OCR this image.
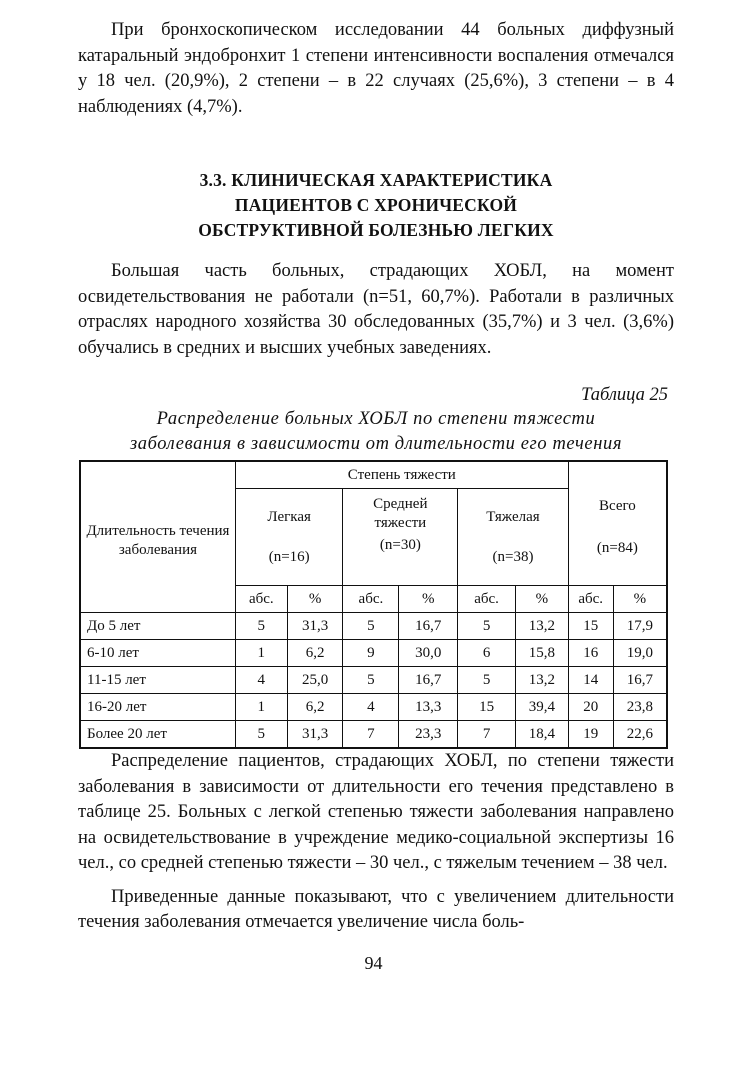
При бронхоскопическом исследовании 44 больных диффузный катаральный эндобронхит 1 степени интенсивности воспаления отмечался у 18 чел. (20,9%), 2 степени – в 22 случаях (25,6%), 3 степени – в 4 наблюдениях (4,7%).

3.3. КЛИНИЧЕСКАЯ ХАРАКТЕРИСТИКА
ПАЦИЕНТОВ С ХРОНИЧЕСКОЙ
ОБСТРУКТИВНОЙ БОЛЕЗНЬЮ ЛЕГКИХ

Большая часть больных, страдающих ХОБЛ, на момент освидетельствования не работали (n=51, 60,7%). Работали в различных отраслях народного хозяйства 30 обследованных (35,7%) и 3 чел. (3,6%) обучались в средних и высших учебных заведениях.

Таблица 25
Распределение больных ХОБЛ по степени тяжести
заболевания в зависимости от длительности его течения
Длительность течения заболевания	Степень тяжести						Всего
(n=84)	

	Легкая
(n=16)		Средней тяжести
(n=30)		Тяжелая
(n=38)			

	абс.	%	абс.	%	абс.	%	абс.	%
До 5 лет	5	31,3	5	16,7	5	13,2	15	17,9
6-10 лет	1	6,2	9	30,0	6	15,8	16	19,0
11-15 лет	4	25,0	5	16,7	5	13,2	14	16,7
16-20 лет	1	6,2	4	13,3	15	39,4	20	23,8
Более 20 лет	5	31,3	7	23,3	7	18,4	19	22,6

Распределение пациентов, страдающих ХОБЛ, по степени тяжести заболевания в зависимости от длительности его течения представлено в таблице 25. Больных с легкой степенью тяжести заболевания направлено на освидетельствование в учреждение медико-социальной экспертизы 16 чел., со средней степенью тяжести – 30 чел., с тяжелым течением – 38 чел.

Приведенные данные показывают, что с увеличением длительности течения заболевания отмечается увеличение числа боль-

94
